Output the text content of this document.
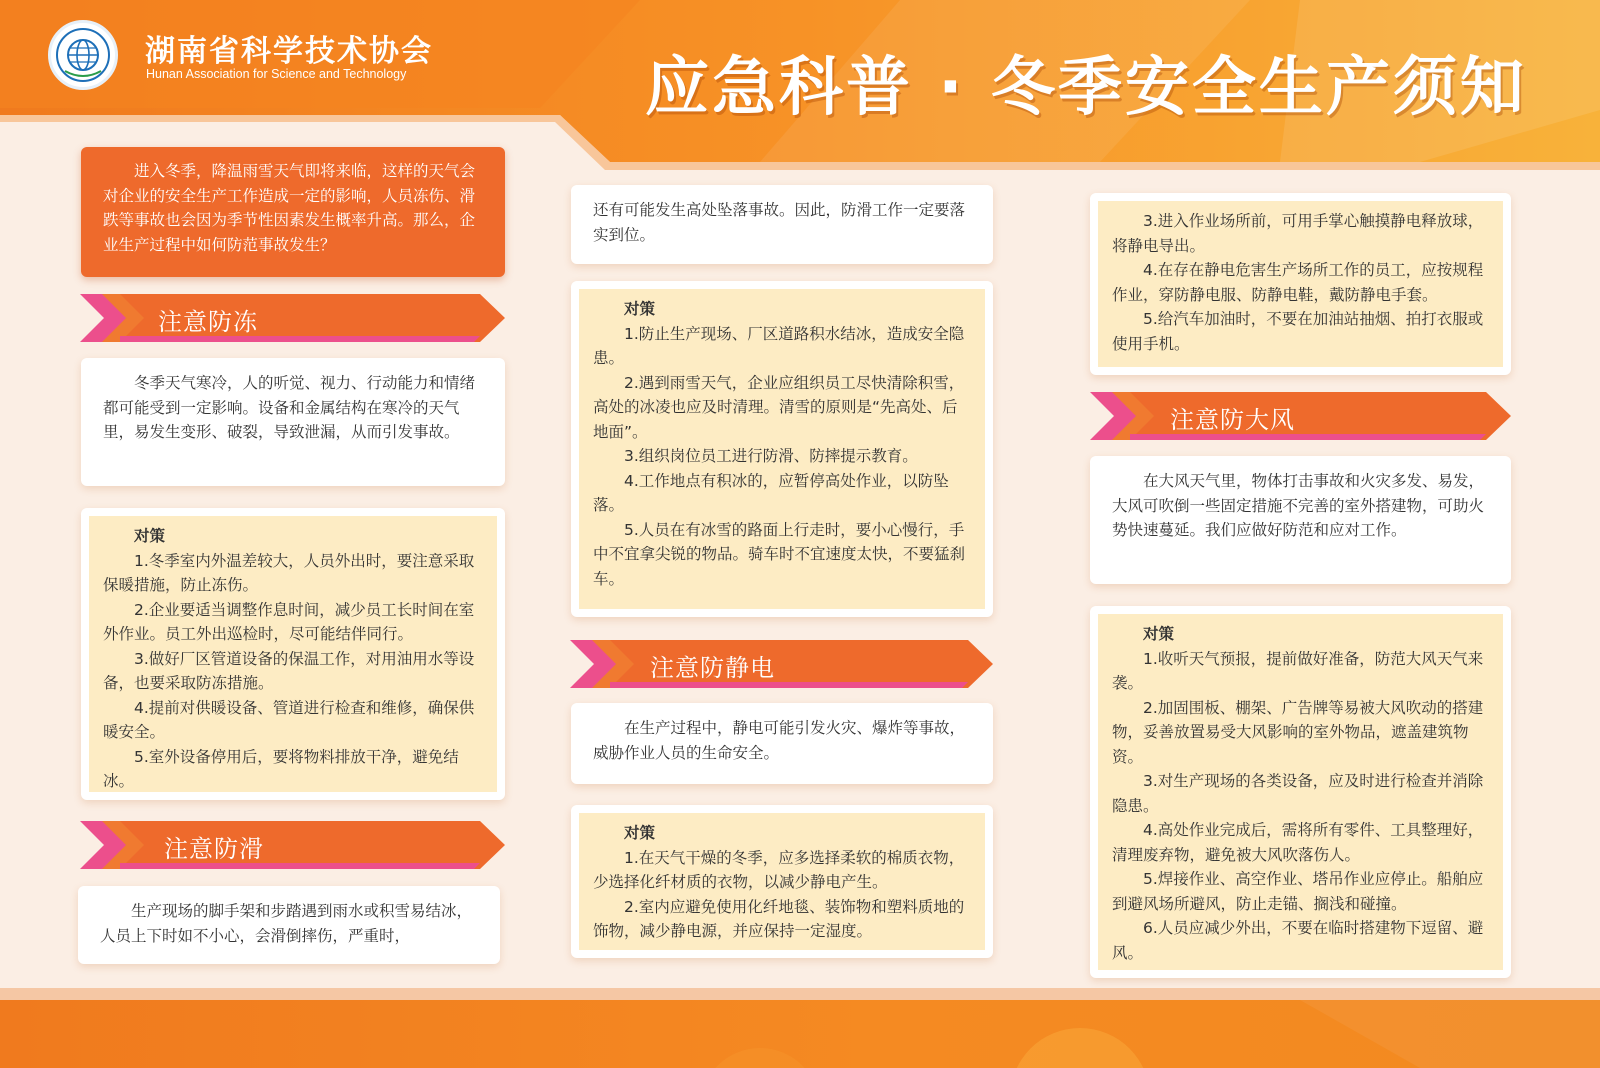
湖南省科学技术协会
Hunan Association for Science and Technology	应急科普 · 冬季安全生产须知
进入冬季，降温雨雪天气即将来临，这样的天气会对企业的安全生产工作造成一定的影响，人员冻伤、滑跌等事故也会因为季节性因素发生概率升高。那么，企业生产过程中如何防范事故发生？
注意防冻
冬季天气寒冷，人的听觉、视力、行动能力和情绪都可能受到一定影响。设备和金属结构在寒冷的天气里，易发生变形、破裂，导致泄漏，从而引发事故。
对策
1.冬季室内外温差较大，人员外出时，要注意采取保暖措施，防止冻伤。
2.企业要适当调整作息时间，减少员工长时间在室外作业。员工外出巡检时，尽可能结伴同行。
3.做好厂区管道设备的保温工作，对用油用水等设备，也要采取防冻措施。
4.提前对供暖设备、管道进行检查和维修，确保供暖安全。
5.室外设备停用后，要将物料排放干净，避免结冰。
注意防滑
生产现场的脚手架和步踏遇到雨水或积雪易结冰，人员上下时如不小心，会滑倒摔伤，严重时，
还有可能发生高处坠落事故。因此，防滑工作一定要落实到位。
对策
1.防止生产现场、厂区道路积水结冰，造成安全隐患。
2.遇到雨雪天气，企业应组织员工尽快清除积雪，高处的冰凌也应及时清理。清雪的原则是“先高处、后地面”。
3.组织岗位员工进行防滑、防摔提示教育。
4.工作地点有积冰的，应暂停高处作业，以防坠落。
5.人员在有冰雪的路面上行走时，要小心慢行，手中不宜拿尖锐的物品。骑车时不宜速度太快，不要猛刹车。
注意防静电
在生产过程中，静电可能引发火灾、爆炸等事故，威胁作业人员的生命安全。
对策
1.在天气干燥的冬季，应多选择柔软的棉质衣物，少选择化纤材质的衣物，以减少静电产生。
2.室内应避免使用化纤地毯、装饰物和塑料质地的饰物，减少静电源，并应保持一定湿度。
3.进入作业场所前，可用手掌心触摸静电释放球，将静电导出。
4.在存在静电危害生产场所工作的员工，应按规程作业，穿防静电服、防静电鞋，戴防静电手套。
5.给汽车加油时，不要在加油站抽烟、拍打衣服或使用手机。
注意防大风
在大风天气里，物体打击事故和火灾多发、易发，大风可吹倒一些固定措施不完善的室外搭建物，可助火势快速蔓延。我们应做好防范和应对工作。
对策
1.收听天气预报，提前做好准备，防范大风天气来袭。
2.加固围板、棚架、广告牌等易被大风吹动的搭建物，妥善放置易受大风影响的室外物品，遮盖建筑物资。
3.对生产现场的各类设备，应及时进行检查并消除隐患。
4.高处作业完成后，需将所有零件、工具整理好，清理废弃物，避免被大风吹落伤人。
5.焊接作业、高空作业、塔吊作业应停止。船舶应到避风场所避风，防止走锚、搁浅和碰撞。
6.人员应减少外出，不要在临时搭建物下逗留、避风。
